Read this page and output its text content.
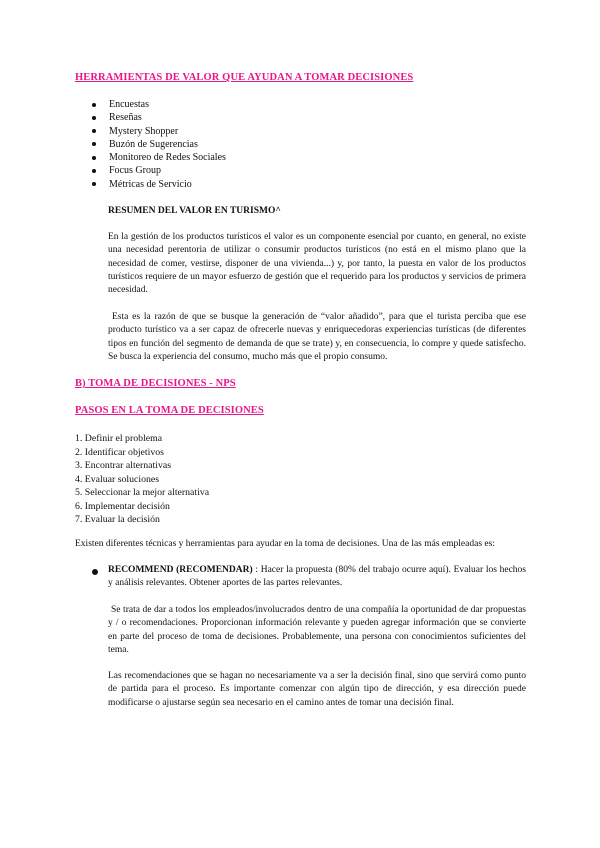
HERRAMIENTAS DE VALOR QUE AYUDAN A TOMAR DECISIONES
Encuestas
Reseñas
Mystery Shopper
Buzón de Sugerencias
Monitoreo de Redes Sociales
Focus Group
Métricas de Servicio
RESUMEN DEL VALOR EN TURISMO^

En la gestión de los productos turísticos el valor es un componente esencial por cuanto, en general, no existe una necesidad perentoria de utilizar o consumir productos turísticos (no está en el mismo plano que la necesidad de comer, vestirse, disponer de una vivienda...) y, por tanto, la puesta en valor de los productos turísticos requiere de un mayor esfuerzo de gestión que el requerido para los productos y servicios de primera necesidad.

Esta es la razón de que se busque la generación de “valor añadido”, para que el turista perciba que ese producto turístico va a ser capaz de ofrecerle nuevas y enriquecedoras experiencias turísticas (de diferentes tipos en función del segmento de demanda de que se trate) y, en consecuencia, lo compre y quede satisfecho. Se busca la experiencia del consumo, mucho más que el propio consumo.

B) TOMA DE DECISIONES - NPS
PASOS EN LA TOMA DE DECISIONES
1. Definir el problema
2. Identificar objetivos
3. Encontrar alternativas
4. Evaluar soluciones
5. Seleccionar la mejor alternativa
6. Implementar decisión
7. Evaluar la decisión

Existen diferentes técnicas y herramientas para ayudar en la toma de decisiones. Una de las más empleadas es:

RECOMMEND (RECOMENDAR) : Hacer la propuesta (80% del trabajo ocurre aquí). Evaluar los hechos y análisis relevantes. Obtener aportes de las partes relevantes.

Se trata de dar a todos los empleados/involucrados dentro de una compañía la oportunidad de dar propuestas y / o recomendaciones. Proporcionan información relevante y pueden agregar información que se convierte en parte del proceso de toma de decisiones. Probablemente, una persona con conocimientos suficientes del tema.

Las recomendaciones que se hagan no necesariamente va a ser la decisión final, sino que servirá como punto de partida para el proceso. Es importante comenzar con algún tipo de dirección, y esa dirección puede modificarse o ajustarse según sea necesario en el camino antes de tomar una decisión final.
